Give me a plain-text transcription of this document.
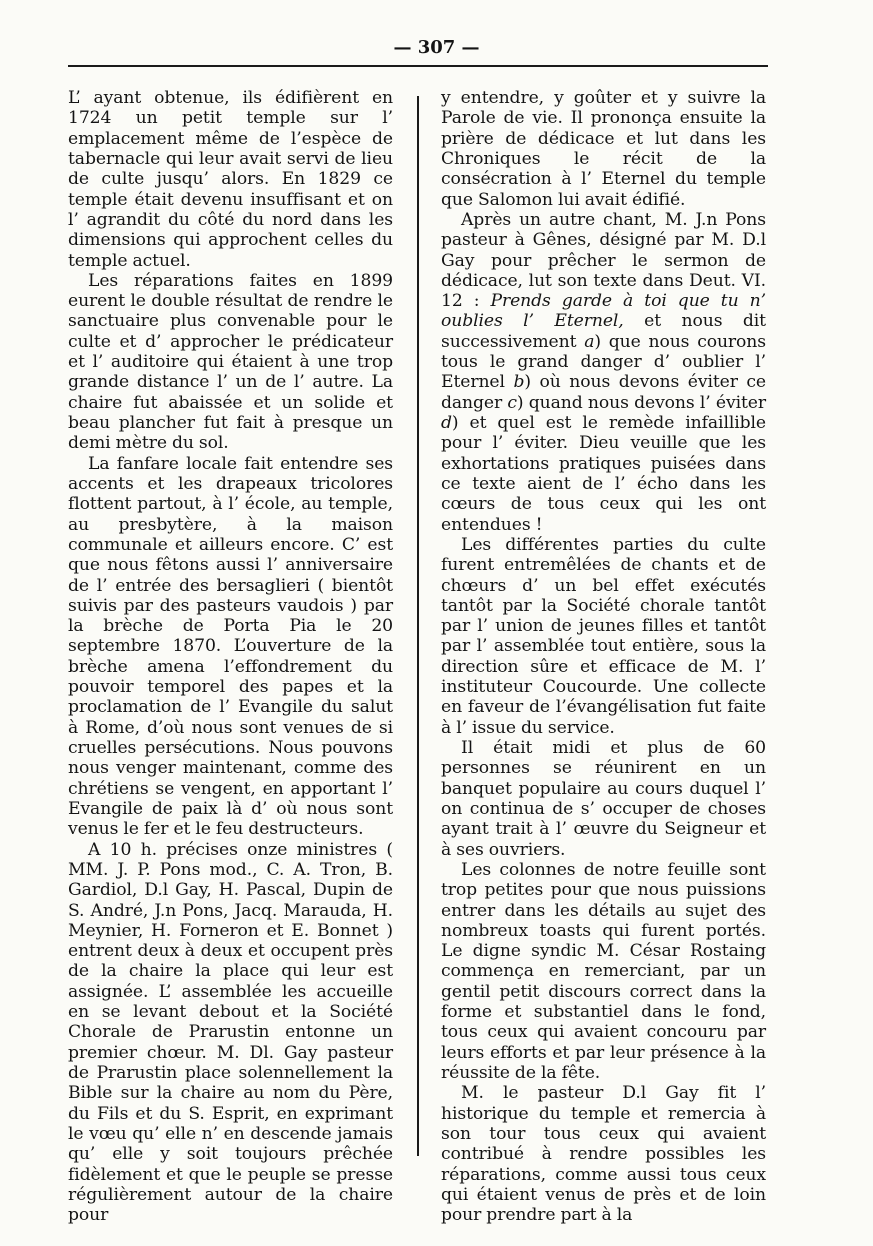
— 307 —

L’ ayant obtenue, ils édifièrent en 1724 un petit temple sur l’ emplacement même de l’espèce de tabernacle qui leur avait servi de lieu de culte jusqu’ alors. En 1829 ce temple était devenu insuffisant et on l’ agrandit du côté du nord dans les dimensions qui approchent celles du temple actuel.

Les réparations faites en 1899 eurent le double résultat de rendre le sanctuaire plus convenable pour le culte et d’ approcher le prédicateur et l’ auditoire qui étaient à une trop grande distance l’ un de l’ autre. La chaire fut abaissée et un solide et beau plancher fut fait à presque un demi mètre du sol.

La fanfare locale fait entendre ses accents et les drapeaux tricolores flottent partout, à l’ école, au temple, au presbytère, à la maison communale et ailleurs encore. C’ est que nous fêtons aussi l’ anniversaire de l’ entrée des bersaglieri ( bientôt suivis par des pasteurs vaudois ) par la brèche de Porta Pia le 20 septembre 1870. L’ouverture de la brèche amena l’effondrement du pouvoir temporel des papes et la proclamation de l’ Evangile du salut à Rome, d’où nous sont venues de si cruelles persécutions. Nous pouvons nous venger maintenant, comme des chrétiens se vengent, en apportant l’ Evangile de paix là d’ où nous sont venus le fer et le feu destructeurs.

A 10 h. précises onze ministres ( MM. J. P. Pons mod., C. A. Tron, B. Gardiol, D.l Gay, H. Pascal, Dupin de S. André, J.n Pons, Jacq. Marauda, H. Meynier, H. Forneron et E. Bonnet ) entrent deux à deux et occupent près de la chaire la place qui leur est assignée. L’ assemblée les accueille en se levant debout et la Société Chorale de Prarustin entonne un premier chœur. M. Dl. Gay pasteur de Prarustin place solennellement la Bible sur la chaire au nom du Père, du Fils et du S. Esprit, en exprimant le vœu qu’ elle n’ en descende jamais qu’ elle y soit toujours prêchée fidèlement et que le peuple se presse régulièrement autour de la chaire pour

y entendre, y goûter et y suivre la Parole de vie. Il prononça ensuite la prière de dédicace et lut dans les Chroniques le récit de la consécration à l’ Eternel du temple que Salomon lui avait édifié.

Après un autre chant, M. J.n Pons pasteur à Gênes, désigné par M. D.l Gay pour prêcher le sermon de dédicace, lut son texte dans Deut. VI. 12 : Prends garde à toi que tu n’ oublies l’ Eternel, et nous dit successivement a) que nous courons tous le grand danger d’ oublier l’ Eternel b) où nous devons éviter ce danger c) quand nous devons l’ éviter d) et quel est le remède infaillible pour l’ éviter. Dieu veuille que les exhortations pratiques puisées dans ce texte aient de l’ écho dans les cœurs de tous ceux qui les ont entendues !

Les différentes parties du culte furent entremêlées de chants et de chœurs d’ un bel effet exécutés tantôt par la Société chorale tantôt par l’ union de jeunes filles et tantôt par l’ assemblée tout entière, sous la direction sûre et efficace de M. l’ instituteur Coucourde. Une collecte en faveur de l’évangélisation fut faite à l’ issue du service.

Il était midi et plus de 60 personnes se réunirent en un banquet populaire au cours duquel l’ on continua de s’ occuper de choses ayant trait à l’ œuvre du Seigneur et à ses ouvriers.

Les colonnes de notre feuille sont trop petites pour que nous puissions entrer dans les détails au sujet des nombreux toasts qui furent portés. Le digne syndic M. César Rostaing commença en remerciant, par un gentil petit discours correct dans la forme et substantiel dans le fond, tous ceux qui avaient concouru par leurs efforts et par leur présence à la réussite de la fête.

M. le pasteur D.l Gay fit l’ historique du temple et remercia à son tour tous ceux qui avaient contribué à rendre possibles les réparations, comme aussi tous ceux qui étaient venus de près et de loin pour prendre part à la
